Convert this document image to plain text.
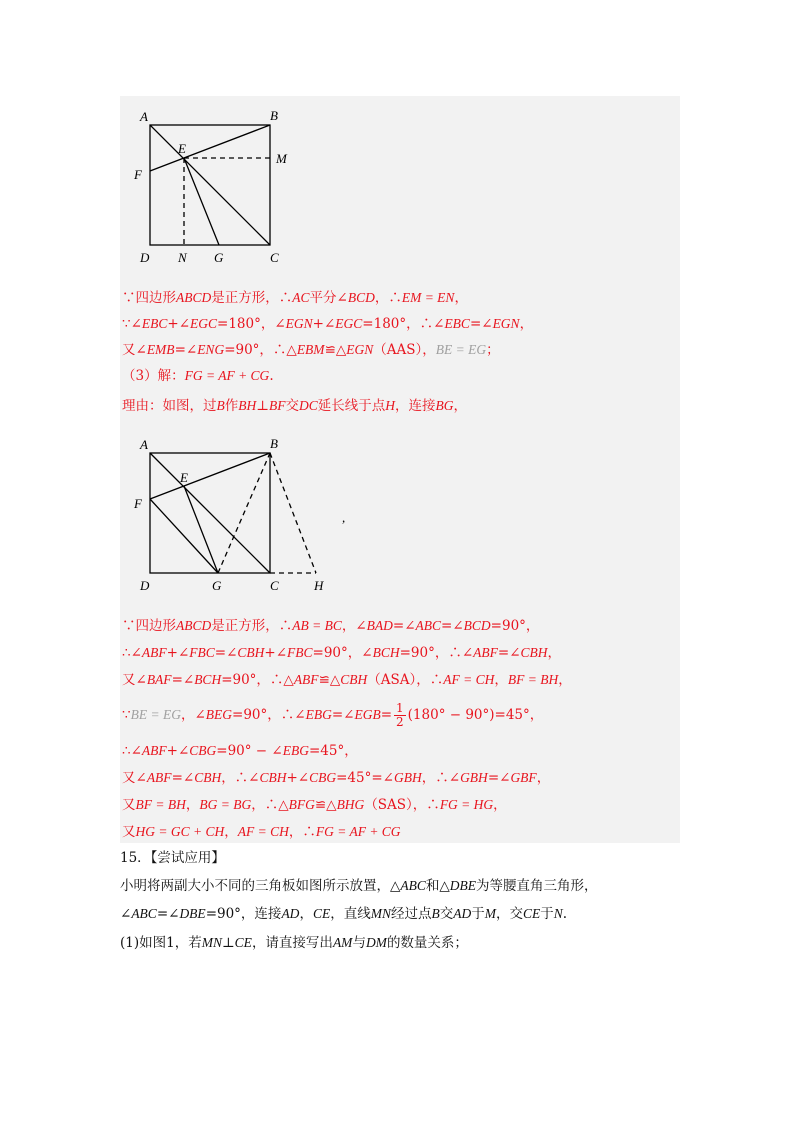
A	B
E
M
F
D N G	C
∵四边形ABCD是正方形，∴AC平分∠BCD，∴EM = EN，
∵∠EBC+∠EGC=180°，∠EGN+∠EGC=180°，∴∠EBC=∠EGN，
又∠EMB=∠ENG=90°，∴△EBM≌△EGN（AAS），BE = EG；
（3）解：FG = AF + CG.
理由：如图，过B作BH⊥BF交DC延长线于点H，连接BG，
A	B
E
F
D	G	C	H
,
∵四边形ABCD是正方形，∴AB = BC，∠BAD=∠ABC=∠BCD=90°，
∴∠ABF+∠FBC=∠CBH+∠FBC=90°，∠BCH=90°，∴∠ABF=∠CBH，
又∠BAF=∠BCH=90°，∴△ABF≌△CBH（ASA），∴AF = CH，BF = BH，
∵BE = EG，∠BEG=90°，∴∠EBG=∠EGB= $\frac{1}{2} (180^\circ - 90^\circ)=45^\circ$，
∴∠ABF+∠CBG=90° − ∠EBG=45°，
又∠ABF=∠CBH，∴∠CBH+∠CBG=45°=∠GBH，∴∠GBH=∠GBF，
又BF = BH，BG = BG，∴△BFG≌△BHG（SAS），∴FG = HG，
又HG = GC + CH，AF = CH，∴FG = AF + CG
15．【尝试应用】
小明将两副大小不同的三角板如图所示放置，△ABC和△DBE为等腰直角三角形，
∠ABC=∠DBE=90°，连接AD，CE，直线MN经过点B交AD于M，交CE于N.
(1)如图1，若MN⊥CE，请直接写出AM与DM的数量关系；
